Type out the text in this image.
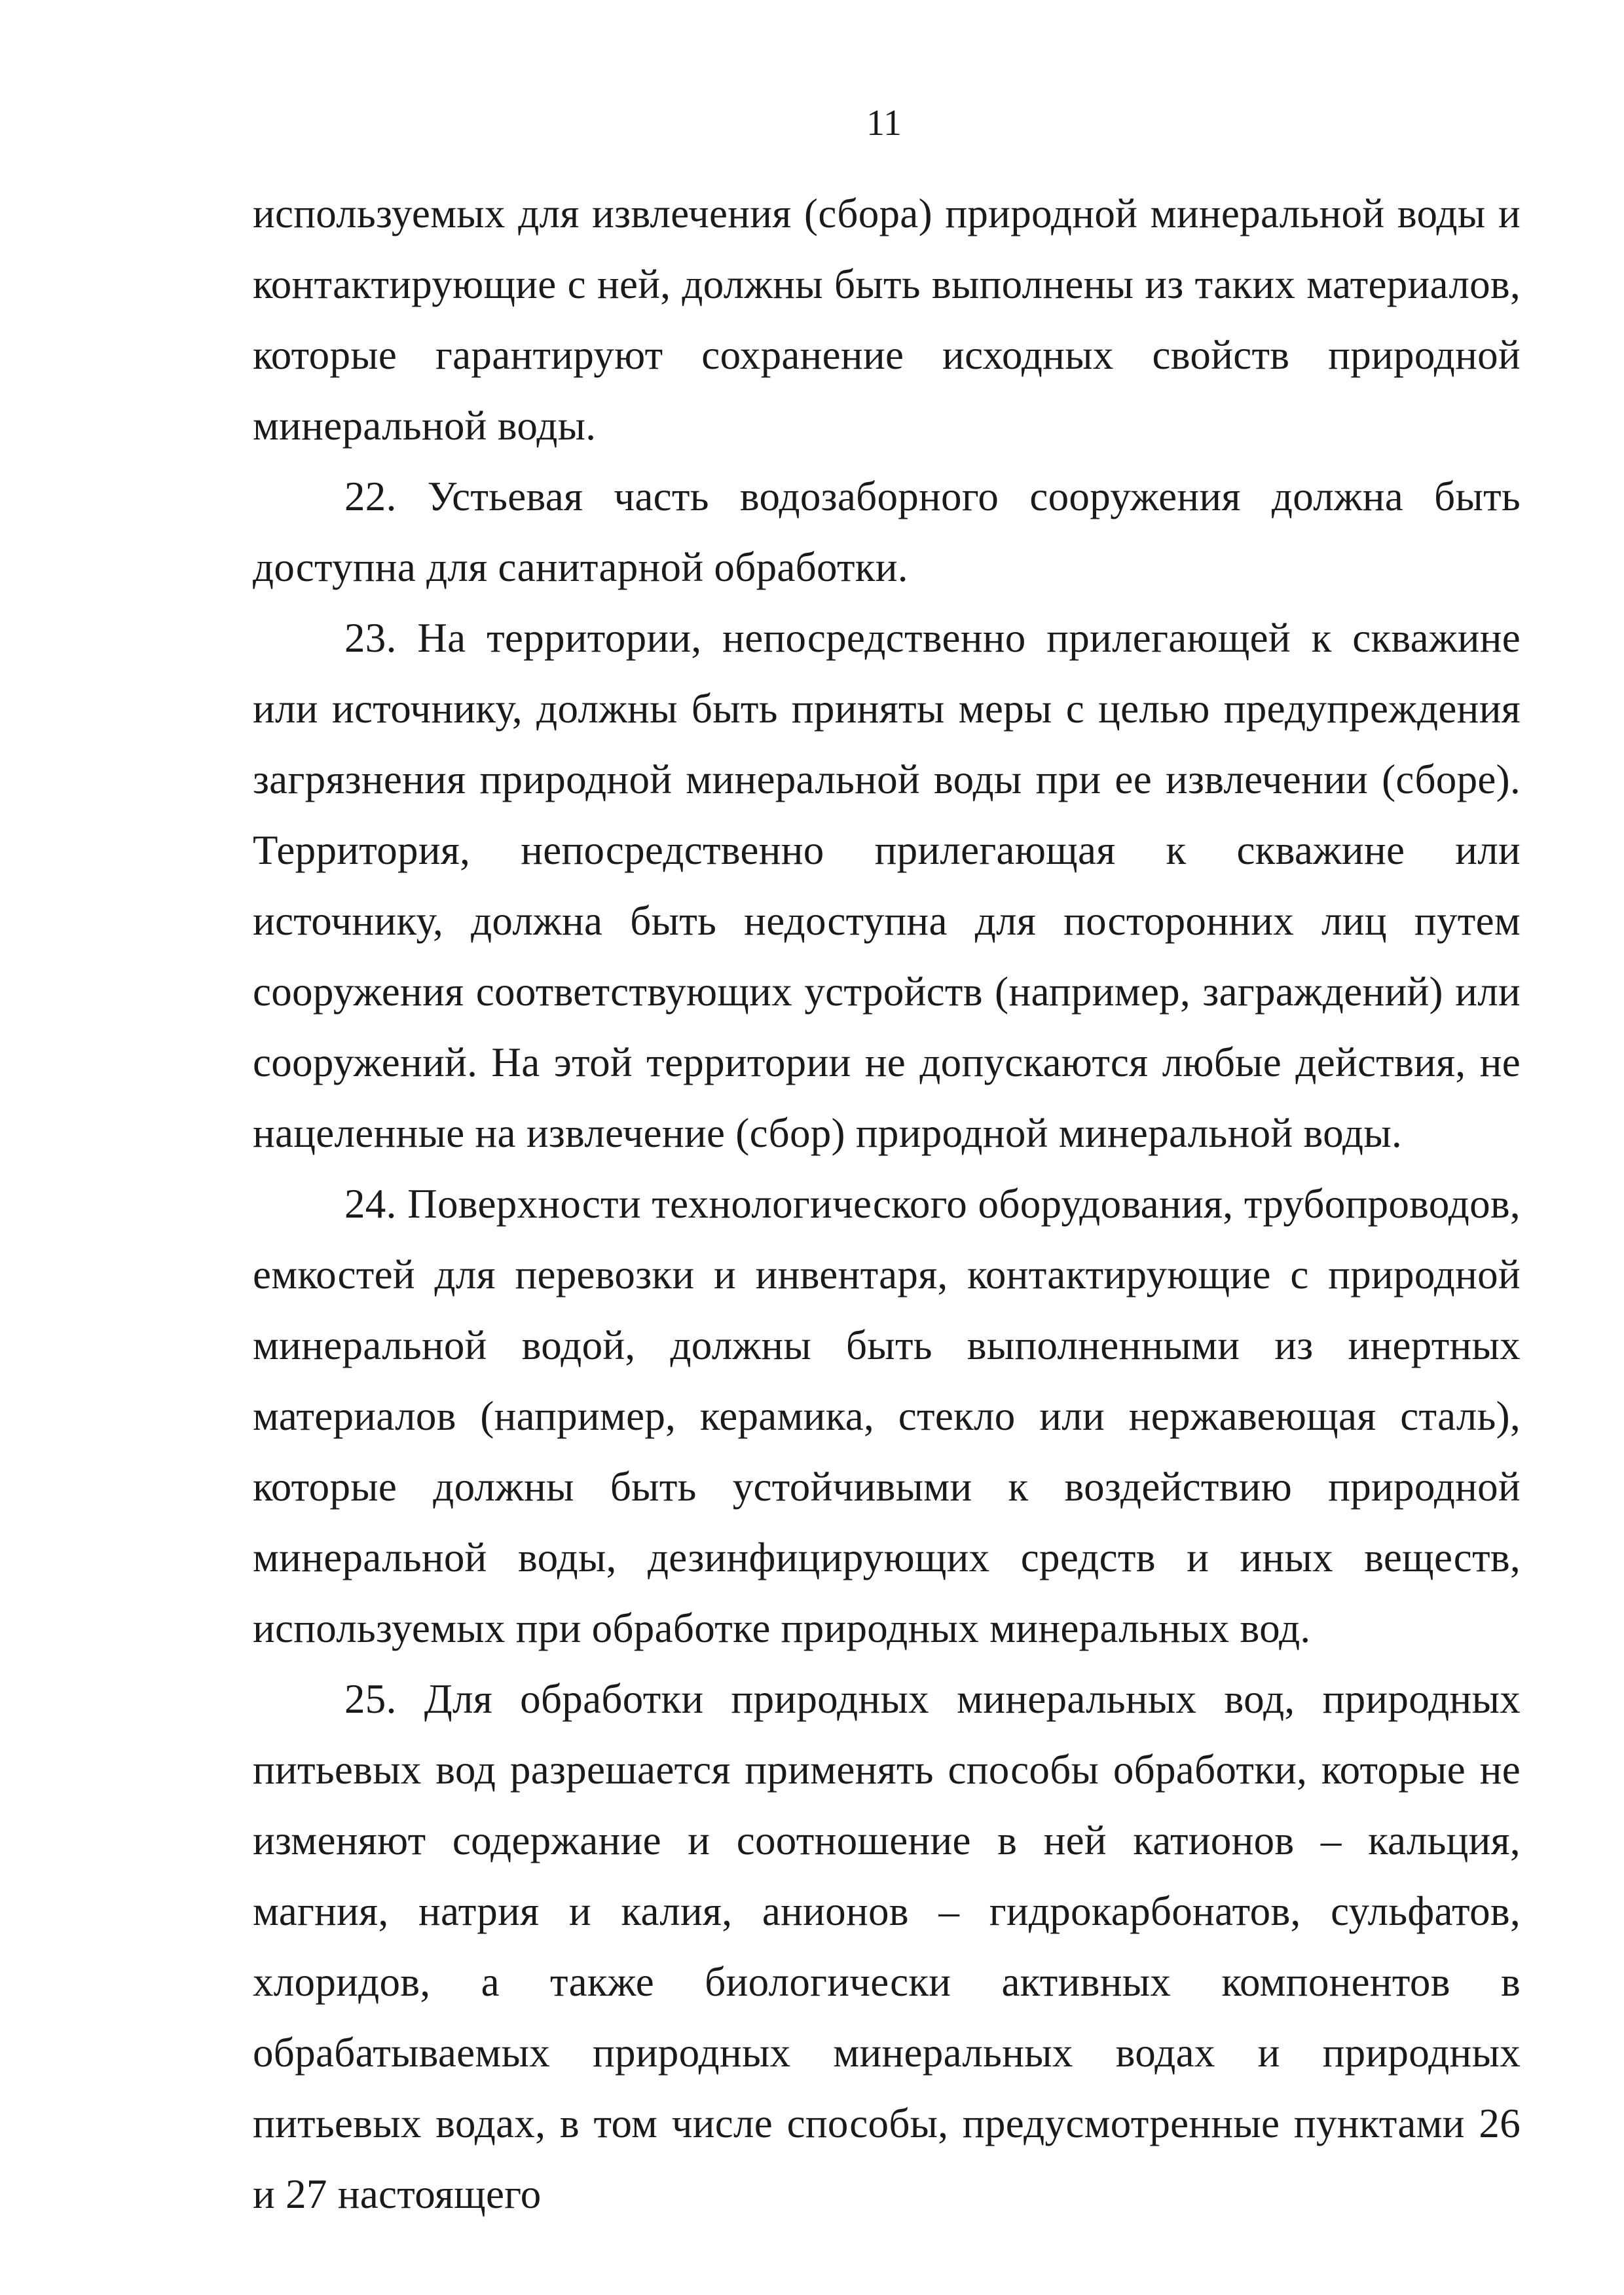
11

используемых для извлечения (сбора) природной минеральной воды и контактирующие с ней, должны быть выполнены из таких материалов, которые гарантируют сохранение исходных свойств природной минеральной воды.

22. Устьевая часть водозаборного сооружения должна быть доступна для санитарной обработки.

23. На территории, непосредственно прилегающей к скважине или источнику, должны быть приняты меры с целью предупреждения загрязнения природной минеральной воды при ее извлечении (сборе). Территория, непосредственно прилегающая к скважине или источнику, должна быть недоступна для посторонних лиц путем сооружения соответствующих устройств (например, заграждений) или сооружений. На этой территории не допускаются любые действия, не нацеленные на извлечение (сбор) природной минеральной воды.

24. Поверхности технологического оборудования, трубопроводов, емкостей для перевозки и инвентаря, контактирующие с природной минеральной водой, должны быть выполненными из инертных материалов (например, керамика, стекло или нержавеющая сталь), которые должны быть устойчивыми к воздействию природной минеральной воды, дезинфицирующих средств и иных веществ, используемых при обработке природных минеральных вод.

25. Для обработки природных минеральных вод, природных питьевых вод разрешается применять способы обработки, которые не изменяют содержание и соотношение в ней катионов – кальция, магния, натрия и калия, анионов – гидрокарбонатов, сульфатов, хлоридов, а также биологически активных компонентов в обрабатываемых природных минеральных водах и природных питьевых водах, в том числе способы, предусмотренные пунктами 26 и 27 настоящего
